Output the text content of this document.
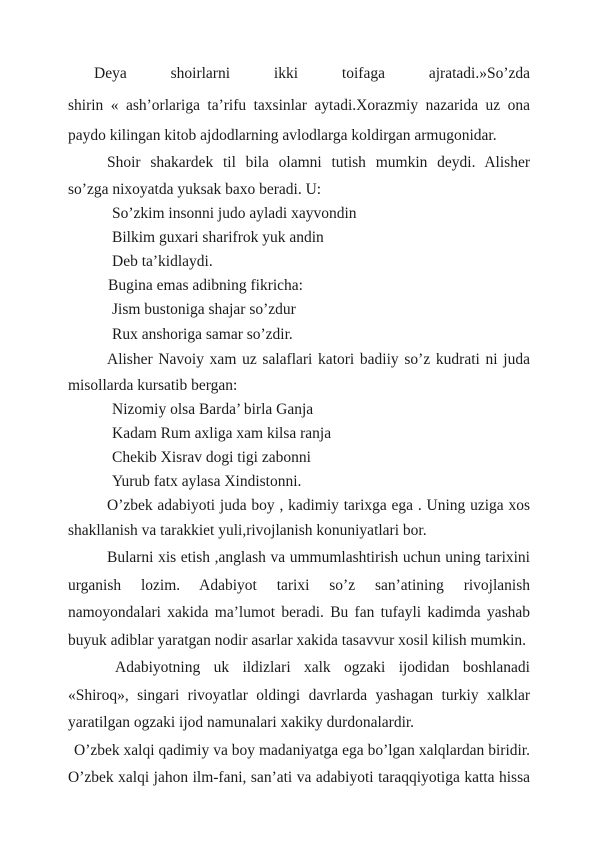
Deya shoirlarni ikki toifaga ajratadi.»So’zda
shirin « ash’orlariga ta’rifu taxsinlar aytadi.Xorazmiy nazarida uz ona
paydo kilingan kitob ajdodlarning avlodlarga koldirgan armugonidar.
Shoir shakardek til bila olamni tutish mumkin deydi. Alisher
so’zga nixoyatda yuksak baxo beradi. U:
So’zkim insonni judo ayladi xayvondin
Bilkim guxari sharifrok yuk andin
Deb ta’kidlaydi.
Bugina emas adibning fikricha:
Jism bustoniga shajar so’zdur
Rux anshoriga samar so’zdir.
Alisher Navoiy xam uz salaflari katori badiiy so’z kudrati ni juda
misollarda kursatib bergan:
Nizomiy olsa Barda’ birla Ganja
Kadam Rum axliga xam kilsa ranja
Chekib Xisrav dogi tigi zabonni
Yurub fatx aylasa Xindistonni.
O’zbek adabiyoti juda boy , kadimiy tarixga ega . Uning uziga xos
shakllanish va tarakkiet yuli,rivojlanish konuniyatlari bor.
Bularni xis etish ,anglash va ummumlashtirish uchun uning tarixini
urganish lozim. Adabiyot tarixi so’z san’atining rivojlanish
namoyondalari xakida ma’lumot beradi. Bu fan tufayli kadimda yashab
buyuk adiblar yaratgan nodir asarlar xakida tasavvur xosil kilish mumkin.
Adabiyotning uk ildizlari xalk ogzaki ijodidan boshlanadi
«Shiroq», singari rivoyatlar oldingi davrlarda yashagan turkiy xalklar
yaratilgan ogzaki ijod namunalari xakiky durdonalardir.
O’zbek xalqi qadimiy va boy madaniyatga ega bo’lgan xalqlardan biridir.
O’zbek xalqi jahon ilm-fani, san’ati va adabiyoti taraqqiyotiga katta hissa
